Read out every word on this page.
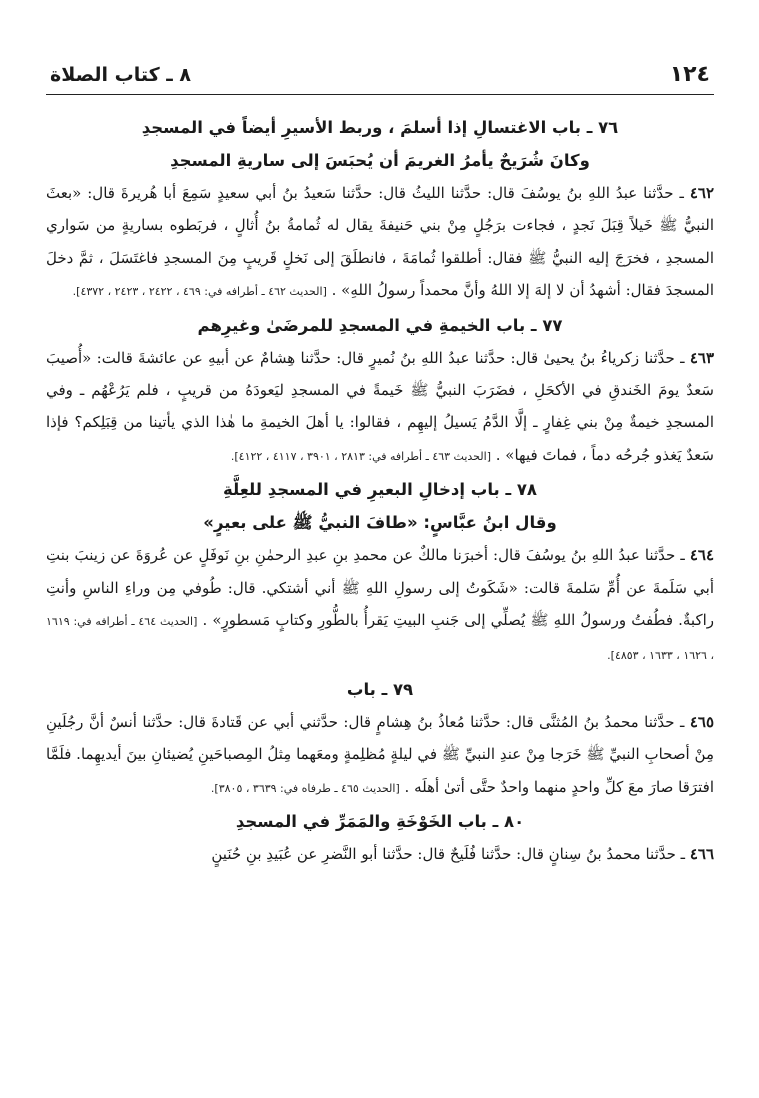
١٢٤
٨ ـ كتاب الصلاة
٧٦ ـ باب الاغتسالِ إذا أسلمَ ، وربط الأسيرِ أيضاً في المسجدِ
وكانَ شُرَيحٌ يأمرُ الغريمَ أن يُحبَسَ إلى ساريةِ المسجدِ

٤٦٢ ـ حدَّثنا عبدُ اللهِ بنُ يوسُفَ قال: حدَّثنا الليثُ قال: حدَّثنا سَعيدُ بنُ أبي سعيدٍ سَمِعَ أبا هُريرةَ قال: «بعثَ النبيُّ ﷺ خَيلاً قِبَلَ نَجدٍ ، فجاءت برَجُلٍ مِنْ بني حَنيفةَ يقال له ثُمامةُ بنُ أُثالٍ ، فربَطوه بساريةٍ من سَواري المسجدِ ، فخرَجَ إليه النبيُّ ﷺ فقال: أطلقوا ثُمامَةَ ، فانطلَقَ إلى نَخلٍ قَريبٍ مِنَ المسجدِ فاغتَسَلَ ، ثمَّ دخلَ المسجدَ فقال: أشهدُ أن لا إلهَ إلا اللهُ وأنَّ محمداً رسولُ اللهِ» . [الحديث ٤٦٢ ـ أطرافه في: ٤٦٩ ، ٢٤٢٢ ، ٢٤٢٣ ، ٤٣٧٢].

٧٧ ـ باب الخيمةِ في المسجدِ للمرضَىٰ وغيرِهم

٤٦٣ ـ حدَّثنا زكرياءُ بنُ يحيىٰ قال: حدَّثنا عبدُ اللهِ بنُ نُميرٍ قال: حدَّثنا هِشامٌ عن أبيهِ عن عائشةَ قالت: «أُصيبَ سَعدٌ يومَ الخَندقِ في الأكحَلِ ، فضَرَبَ النبيُّ ﷺ خَيمةً في المسجدِ ليَعودَهُ من قريبٍ ، فلم يَرُعْهُم ـ وفي المسجدِ خيمةٌ مِنْ بني غِفارٍ ـ إلَّا الدَّمُ يَسيلُ إليهِم ، فقالوا: يا أهلَ الخيمةِ ما هٰذا الذي يأتينا من قِبَلِكم؟ فإذا سَعدٌ يَغذو جُرحُه دماً ، فماتَ فيها» . [الحديث ٤٦٣ ـ أطرافه في: ٢٨١٣ ، ٣٩٠١ ، ٤١١٧ ، ٤١٢٢].

٧٨ ـ باب إدخالِ البعيرِ في المسجدِ للعِلَّةِ
وقال ابنُ عبَّاسٍ: «طافَ النبيُّ ﷺ على بعيرٍ»

٤٦٤ ـ حدَّثنا عبدُ اللهِ بنُ يوسُفَ قال: أخبرَنا مالكٌ عن محمدِ بنِ عبدِ الرحمٰنِ بنِ نَوفَلٍ عن عُروَةَ عن زينبَ بنتِ أبي سَلَمةَ عن أُمِّ سَلمةَ قالت: «شَكَوتُ إلى رسولِ اللهِ ﷺ أني أشتكي. قال: طُوفي مِن وراءِ الناسِ وأنتِ راكبةٌ. فطُفتُ ورسولُ اللهِ ﷺ يُصلِّي إلى جَنبِ البيتِ يَقرأُ بالطُّورِ وكتابٍ مَسطورٍ» . [الحديث ٤٦٤ ـ أطرافه في: ١٦١٩ ، ١٦٢٦ ، ١٦٣٣ ، ٤٨٥٣].

٧٩ ـ باب

٤٦٥ ـ حدَّثنا محمدُ بنُ المُثنَّى قال: حدَّثنا مُعاذُ بنُ هِشامٍ قال: حدَّثني أبي عن قَتادةَ قال: حدَّثنا أنسٌ أنَّ رجُلَينِ مِنْ أصحابِ النبيِّ ﷺ خَرَجا مِنْ عندِ النبيِّ ﷺ في ليلةٍ مُظلِمةٍ ومعَهما مِثلُ المِصباحَينِ يُضيئانِ بينَ أيديهِما. فلَمَّا افترَقا صارَ معَ كلِّ واحدٍ منهما واحدٌ حتَّى أتىٰ أهلَه . [الحديث ٤٦٥ ـ طرفاه في: ٣٦٣٩ ، ٣٨٠٥].

٨٠ ـ باب الخَوْخَةِ والمَمَرِّ في المسجدِ

٤٦٦ ـ حدَّثنا محمدُ بنُ سِنانٍ قال: حدَّثنا فُلَيحٌ قال: حدَّثنا أبو النَّضرِ عن عُبَيدِ بنِ حُنَينٍ
